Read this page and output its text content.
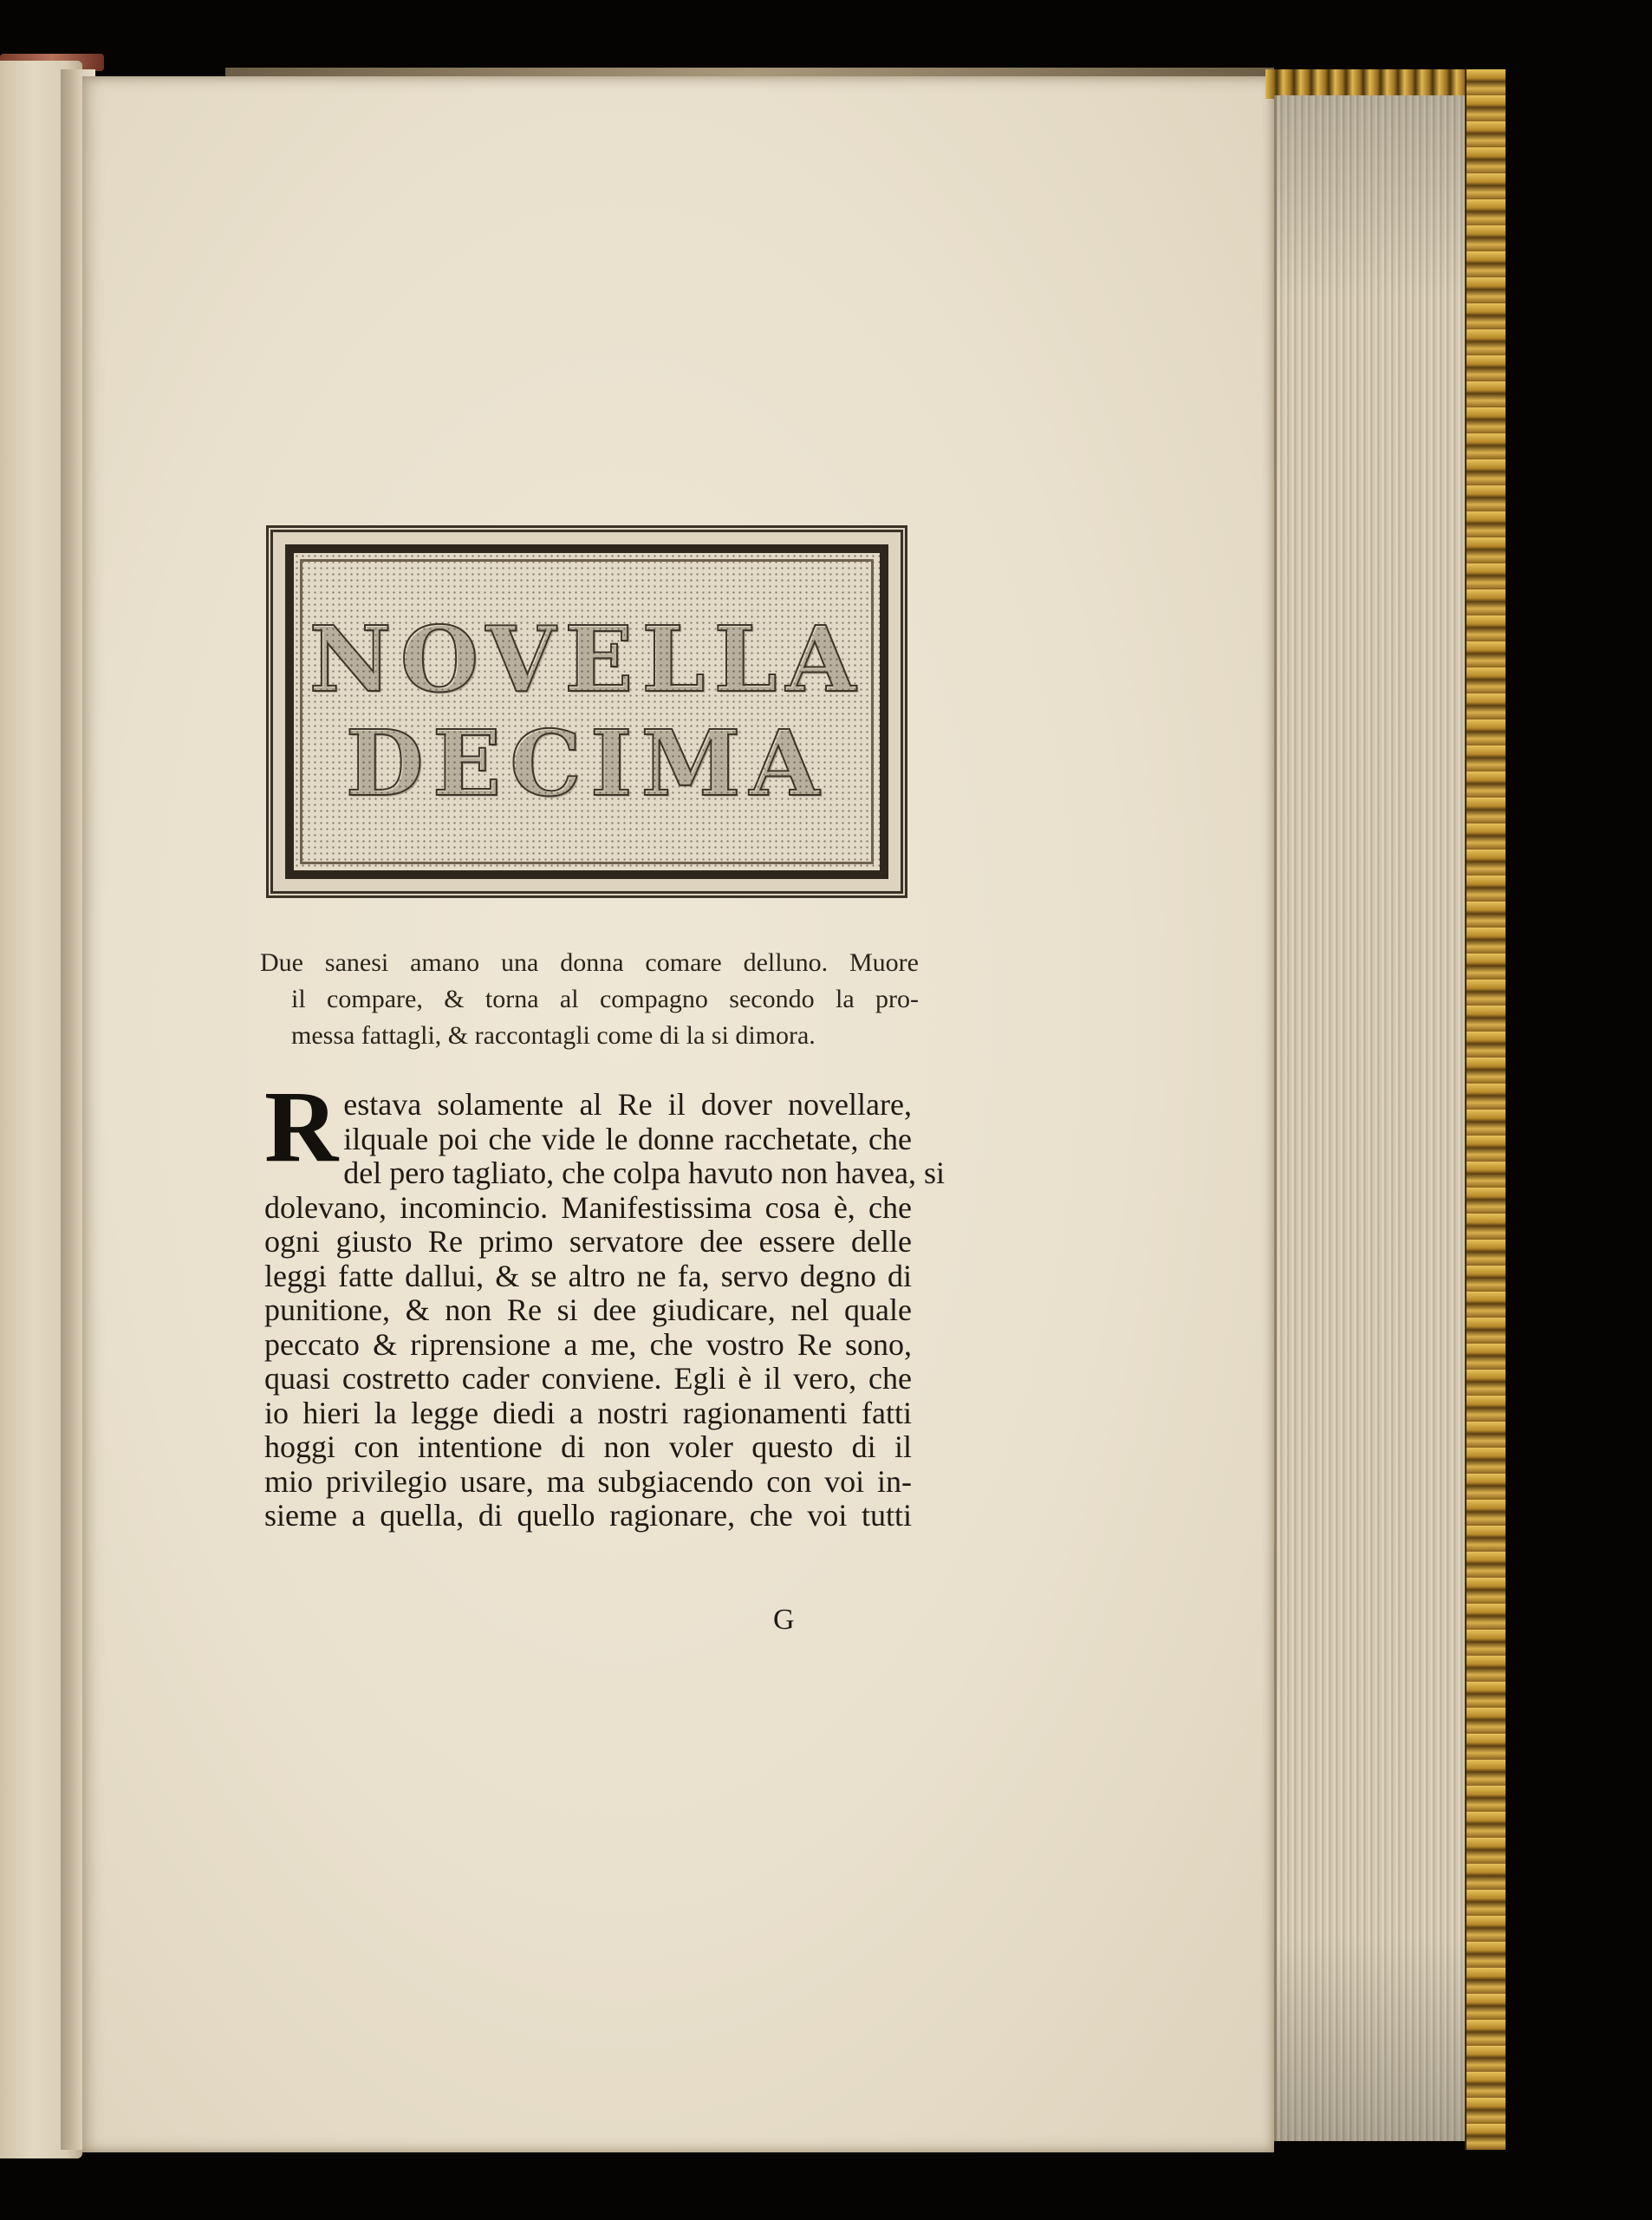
NOVELLA
DECIMA
Due sanesi amano una donna comare delluno. Muore
il compare, & torna al compagno secondo la pro-
messa fattagli, & raccontagli come di la si dimora.
R estava solamente al Re il dover novellare,
ilquale poi che vide le donne racchetate, che
del pero tagliato, che colpa havuto non havea, si
dolevano, incomincio. Manifestissima cosa è, che
ogni giusto Re primo servatore dee essere delle
leggi fatte dallui, & se altro ne fa, servo degno di
punitione, & non Re si dee giudicare, nel quale
peccato & riprensione a me, che vostro Re sono,
quasi costretto cader conviene. Egli è il vero, che
io hieri la legge diedi a nostri ragionamenti fatti
hoggi con intentione di non voler questo di il
mio privilegio usare, ma subgiacendo con voi in-
sieme a quella, di quello ragionare, che voi tutti
G
